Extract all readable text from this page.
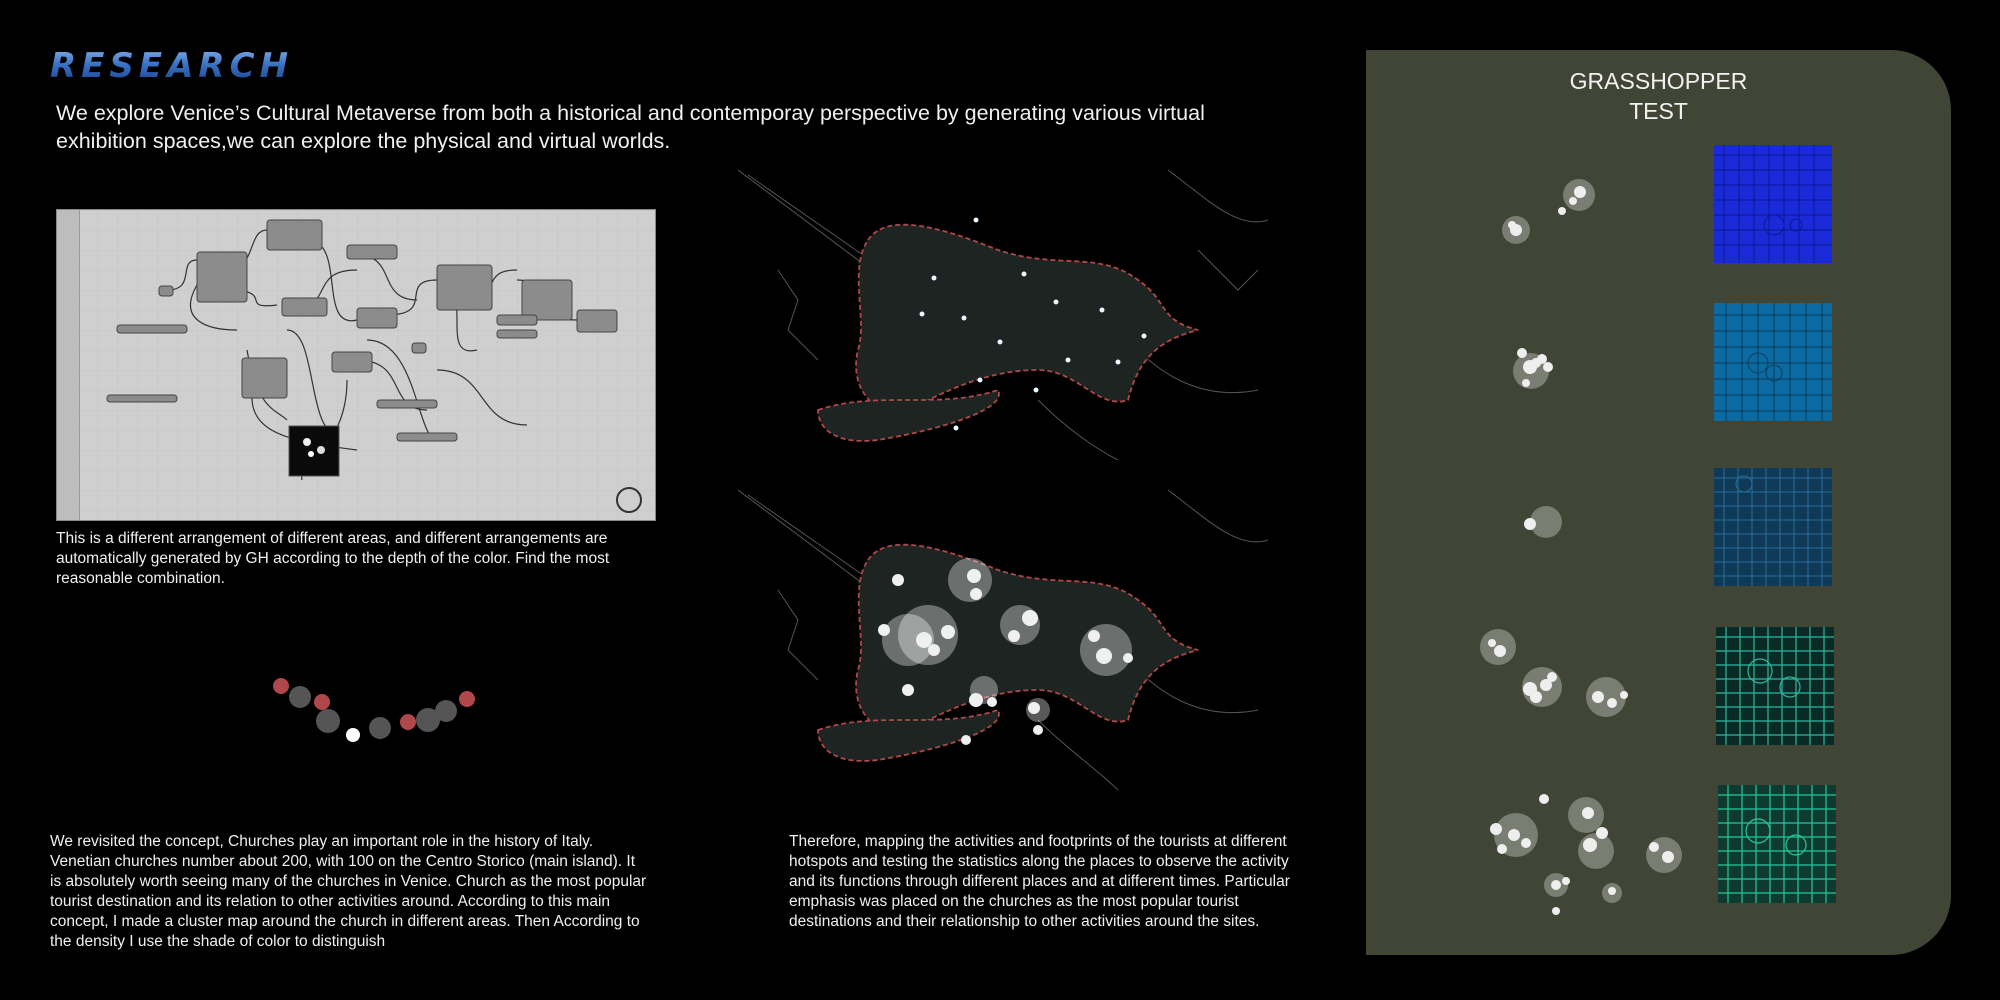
RESEARCH
We explore Venice’s Cultural Metaverse from both a historical and contemporay perspective by generating various virtual exhibition spaces,we can explore the physical and virtual worlds.
This is a different arrangement of different areas, and different arrangements are automatically generated by GH according to the depth of the color. Find the most reasonable combination.
We revisited the concept, Churches play an important role in the history of Italy. Venetian churches number about 200, with 100 on the Centro Storico (main island). It is absolutely worth seeing many of the churches in Venice. Church as the most popular tourist destination and its relation to other activities around. According to this main concept, I made a cluster map around the church in different areas. Then According to the density I use the shade of color to distinguish
Therefore, mapping the activities and footprints of the tourists at different hotspots and testing the statistics along the places to observe the activity and its functions through different places and at different times. Particular emphasis was placed on the churches as the most popular tourist destinations and their relationship to other activities around the sites.
GRASSHOPPER
TEST
